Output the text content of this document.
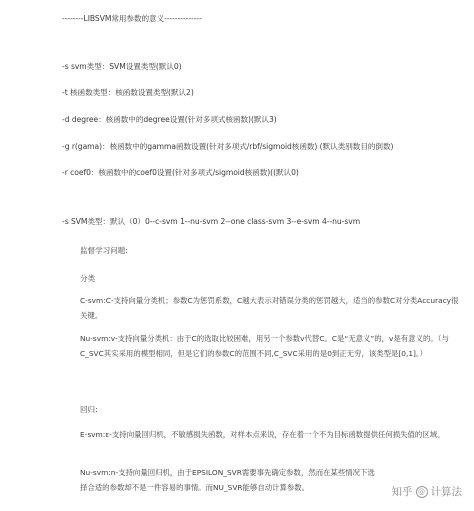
--------LIBSVM常用参数的意义--------------
-s svm类型：SVM设置类型(默认0)
-t 核函数类型：核函数设置类型(默认2)
-d degree：核函数中的degree设置(针对多项式核函数)(默认3)
-g r(gama)：核函数中的gamma函数设置(针对多项式/rbf/sigmoid核函数) (默认类别数目的倒数)
-r coef0：核函数中的coef0设置(针对多项式/sigmoid核函数)((默认0)
-s SVM类型：默认（0）0--c-svm 1--nu-svm 2--one class-svm 3--e-svm 4--nu-svm
监督学习问题:
分类
C-svm:C-支持向量分类机；参数C为惩罚系数，C越大表示对错误分类的惩罚越大，适当的参数C对分类Accuracy很关键。
Nu-svm:v-支持向量分类机：由于C的选取比较困难，用另一个参数v代替C。C是“无意义”的，v是有意义的。（与C_SVC其实采用的模型相同，但是它们的参数C的范围不同,C_SVC采用的是0到正无穷，该类型是[0,1]。）
回归:
E-svm:ε-支持向量回归机，不敏感损失函数，对样本点来说，存在着一个不为目标函数提供任何损失值的区域。
Nu-svm:n-支持向量回归机，由于EPSILON_SVR需要事先确定参数，然而在某些情况下选择合适的参数却不是一件容易的事情。而NU_SVR能够自动计算参数。	知乎 @ 计算法
